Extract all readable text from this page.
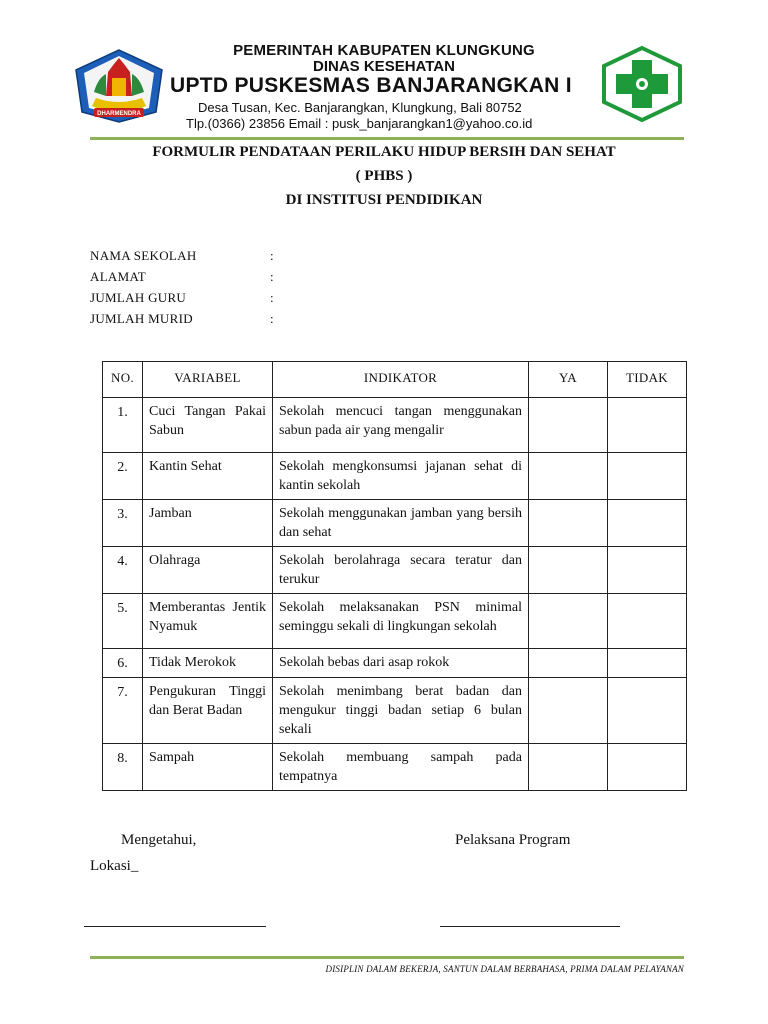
DHARMENDRA
PEMERINTAH KABUPATEN KLUNGKUNG
DINAS KESEHATAN
UPTD PUSKESMAS BANJARANGKAN I
Desa Tusan, Kec. Banjarangkan, Klungkung, Bali 80752
Tlp.(0366) 23856 Email : pusk_banjarangkan1@yahoo.co.id
FORMULIR PENDATAAN PERILAKU HIDUP BERSIH DAN SEHAT
( PHBS )
DI INSTITUSI PENDIDIKAN
NAMA SEKOLAH	:
ALAMAT	:
JUMLAH GURU	:
JUMLAH MURID	:
NO.	VARIABEL	INDIKATOR	YA	TIDAK
1.	Cuci Tangan Pakai Sabun	Sekolah mencuci tangan menggunakan sabun pada air yang mengalir		
2.	Kantin Sehat	Sekolah mengkonsumsi jajanan sehat di kantin sekolah		
3.	Jamban	Sekolah menggunakan jamban yang bersih dan sehat		
4.	Olahraga	Sekolah berolahraga secara teratur dan terukur		
5.	Memberantas Jentik Nyamuk	Sekolah melaksanakan PSN minimal seminggu sekali di lingkungan sekolah		
6.	Tidak Merokok	Sekolah bebas dari asap rokok		
7.	Pengukuran Tinggi dan Berat Badan	Sekolah menimbang berat badan dan mengukur tinggi badan setiap 6 bulan sekali		
8.	Sampah	Sekolah membuang sampah pada tempatnya		
Mengetahui,
Lokasi_
Pelaksana Program
DISIPLIN DALAM BEKERJA, SANTUN DALAM BERBAHASA, PRIMA DALAM PELAYANAN
